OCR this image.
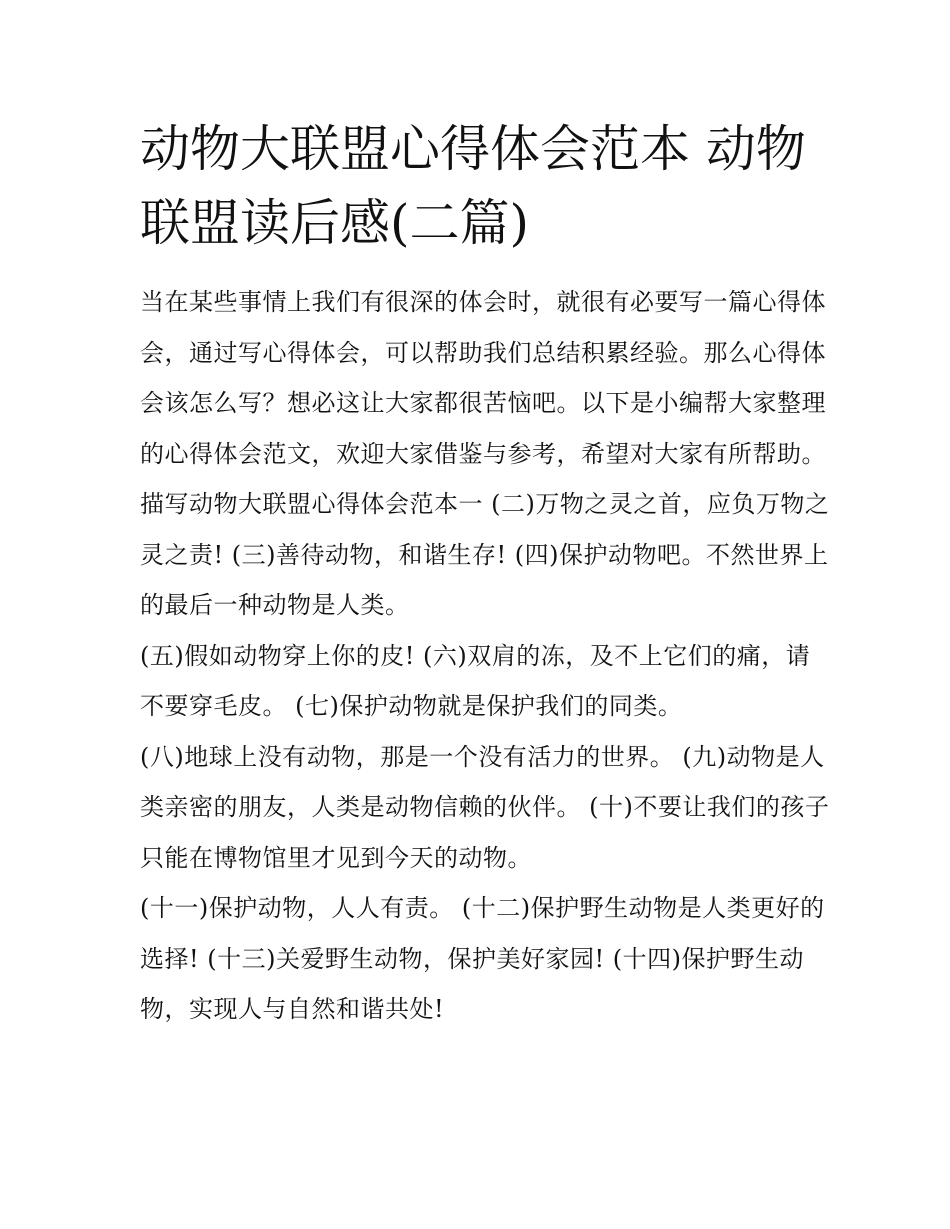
动物大联盟心得体会范本 动物联盟读后感(二篇)

当在某些事情上我们有很深的体会时，就很有必要写一篇心得体会，通过写心得体会，可以帮助我们总结积累经验。那么心得体会该怎么写？想必这让大家都很苦恼吧。以下是小编帮大家整理的心得体会范文，欢迎大家借鉴与参考，希望对大家有所帮助。

描写动物大联盟心得体会范本一 (二)万物之灵之首，应负万物之灵之责! (三)善待动物，和谐生存! (四)保护动物吧。不然世界上的最后一种动物是人类。

(五)假如动物穿上你的皮! (六)双肩的冻，及不上它们的痛，请不要穿毛皮。 (七)保护动物就是保护我们的同类。

(八)地球上没有动物，那是一个没有活力的世界。 (九)动物是人类亲密的朋友，人类是动物信赖的伙伴。 (十)不要让我们的孩子只能在博物馆里才见到今天的动物。

(十一)保护动物，人人有责。 (十二)保护野生动物是人类更好的选择! (十三)关爱野生动物，保护美好家园! (十四)保护野生动物，实现人与自然和谐共处!
